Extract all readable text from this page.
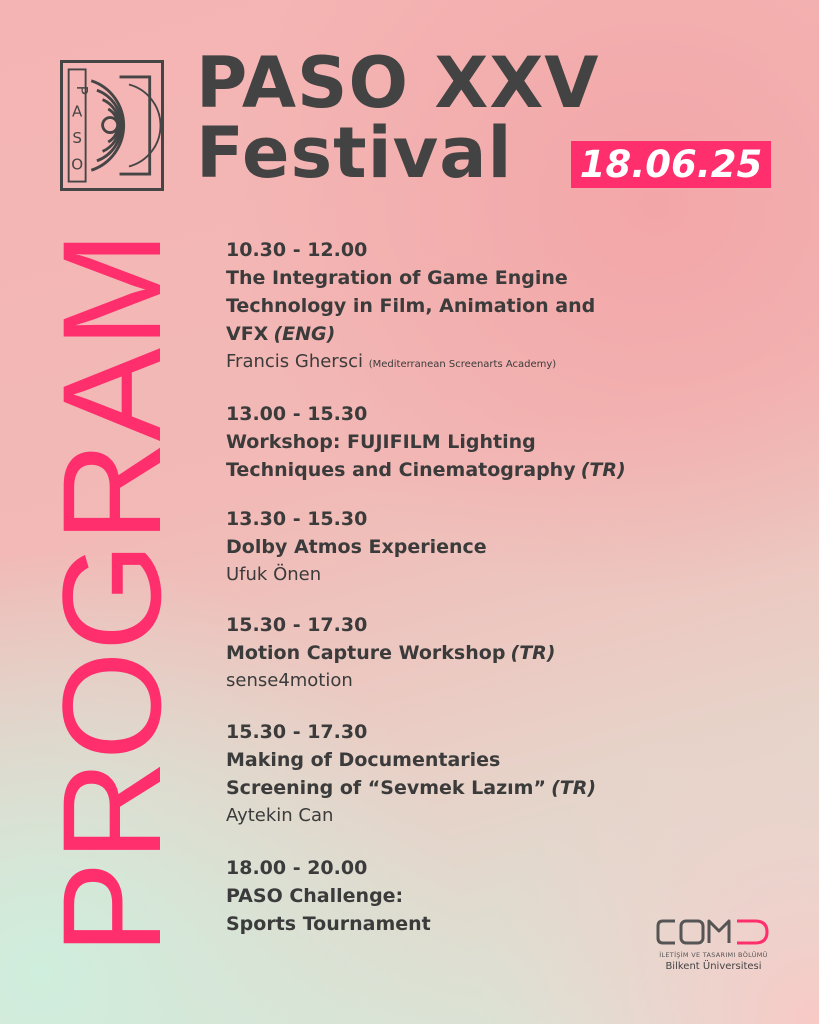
P
A
S
O
PASO XXV
Festival	18.06.25
PROGRAM 10.30 - 12.00
The Integration of Game Engine
Technology in Film, Animation and
VFX (ENG)
Francis Ghersci (Mediterranean Screenarts Academy)
13.00 - 15.30
Workshop: FUJIFILM Lighting
Techniques and Cinematography (TR)
13.30 - 15.30
Dolby Atmos Experience
Ufuk Önen
15.30 - 17.30
Motion Capture Workshop (TR)
sense4motion
15.30 - 17.30
Making of Documentaries
Screening of “Sevmek Lazım” (TR)
Aytekin Can
18.00 - 20.00
PASO Challenge:
Sports Tournament
İLETİŞİM VE TASARIMI BÖLÜMÜ
Bilkent Üniversitesi
